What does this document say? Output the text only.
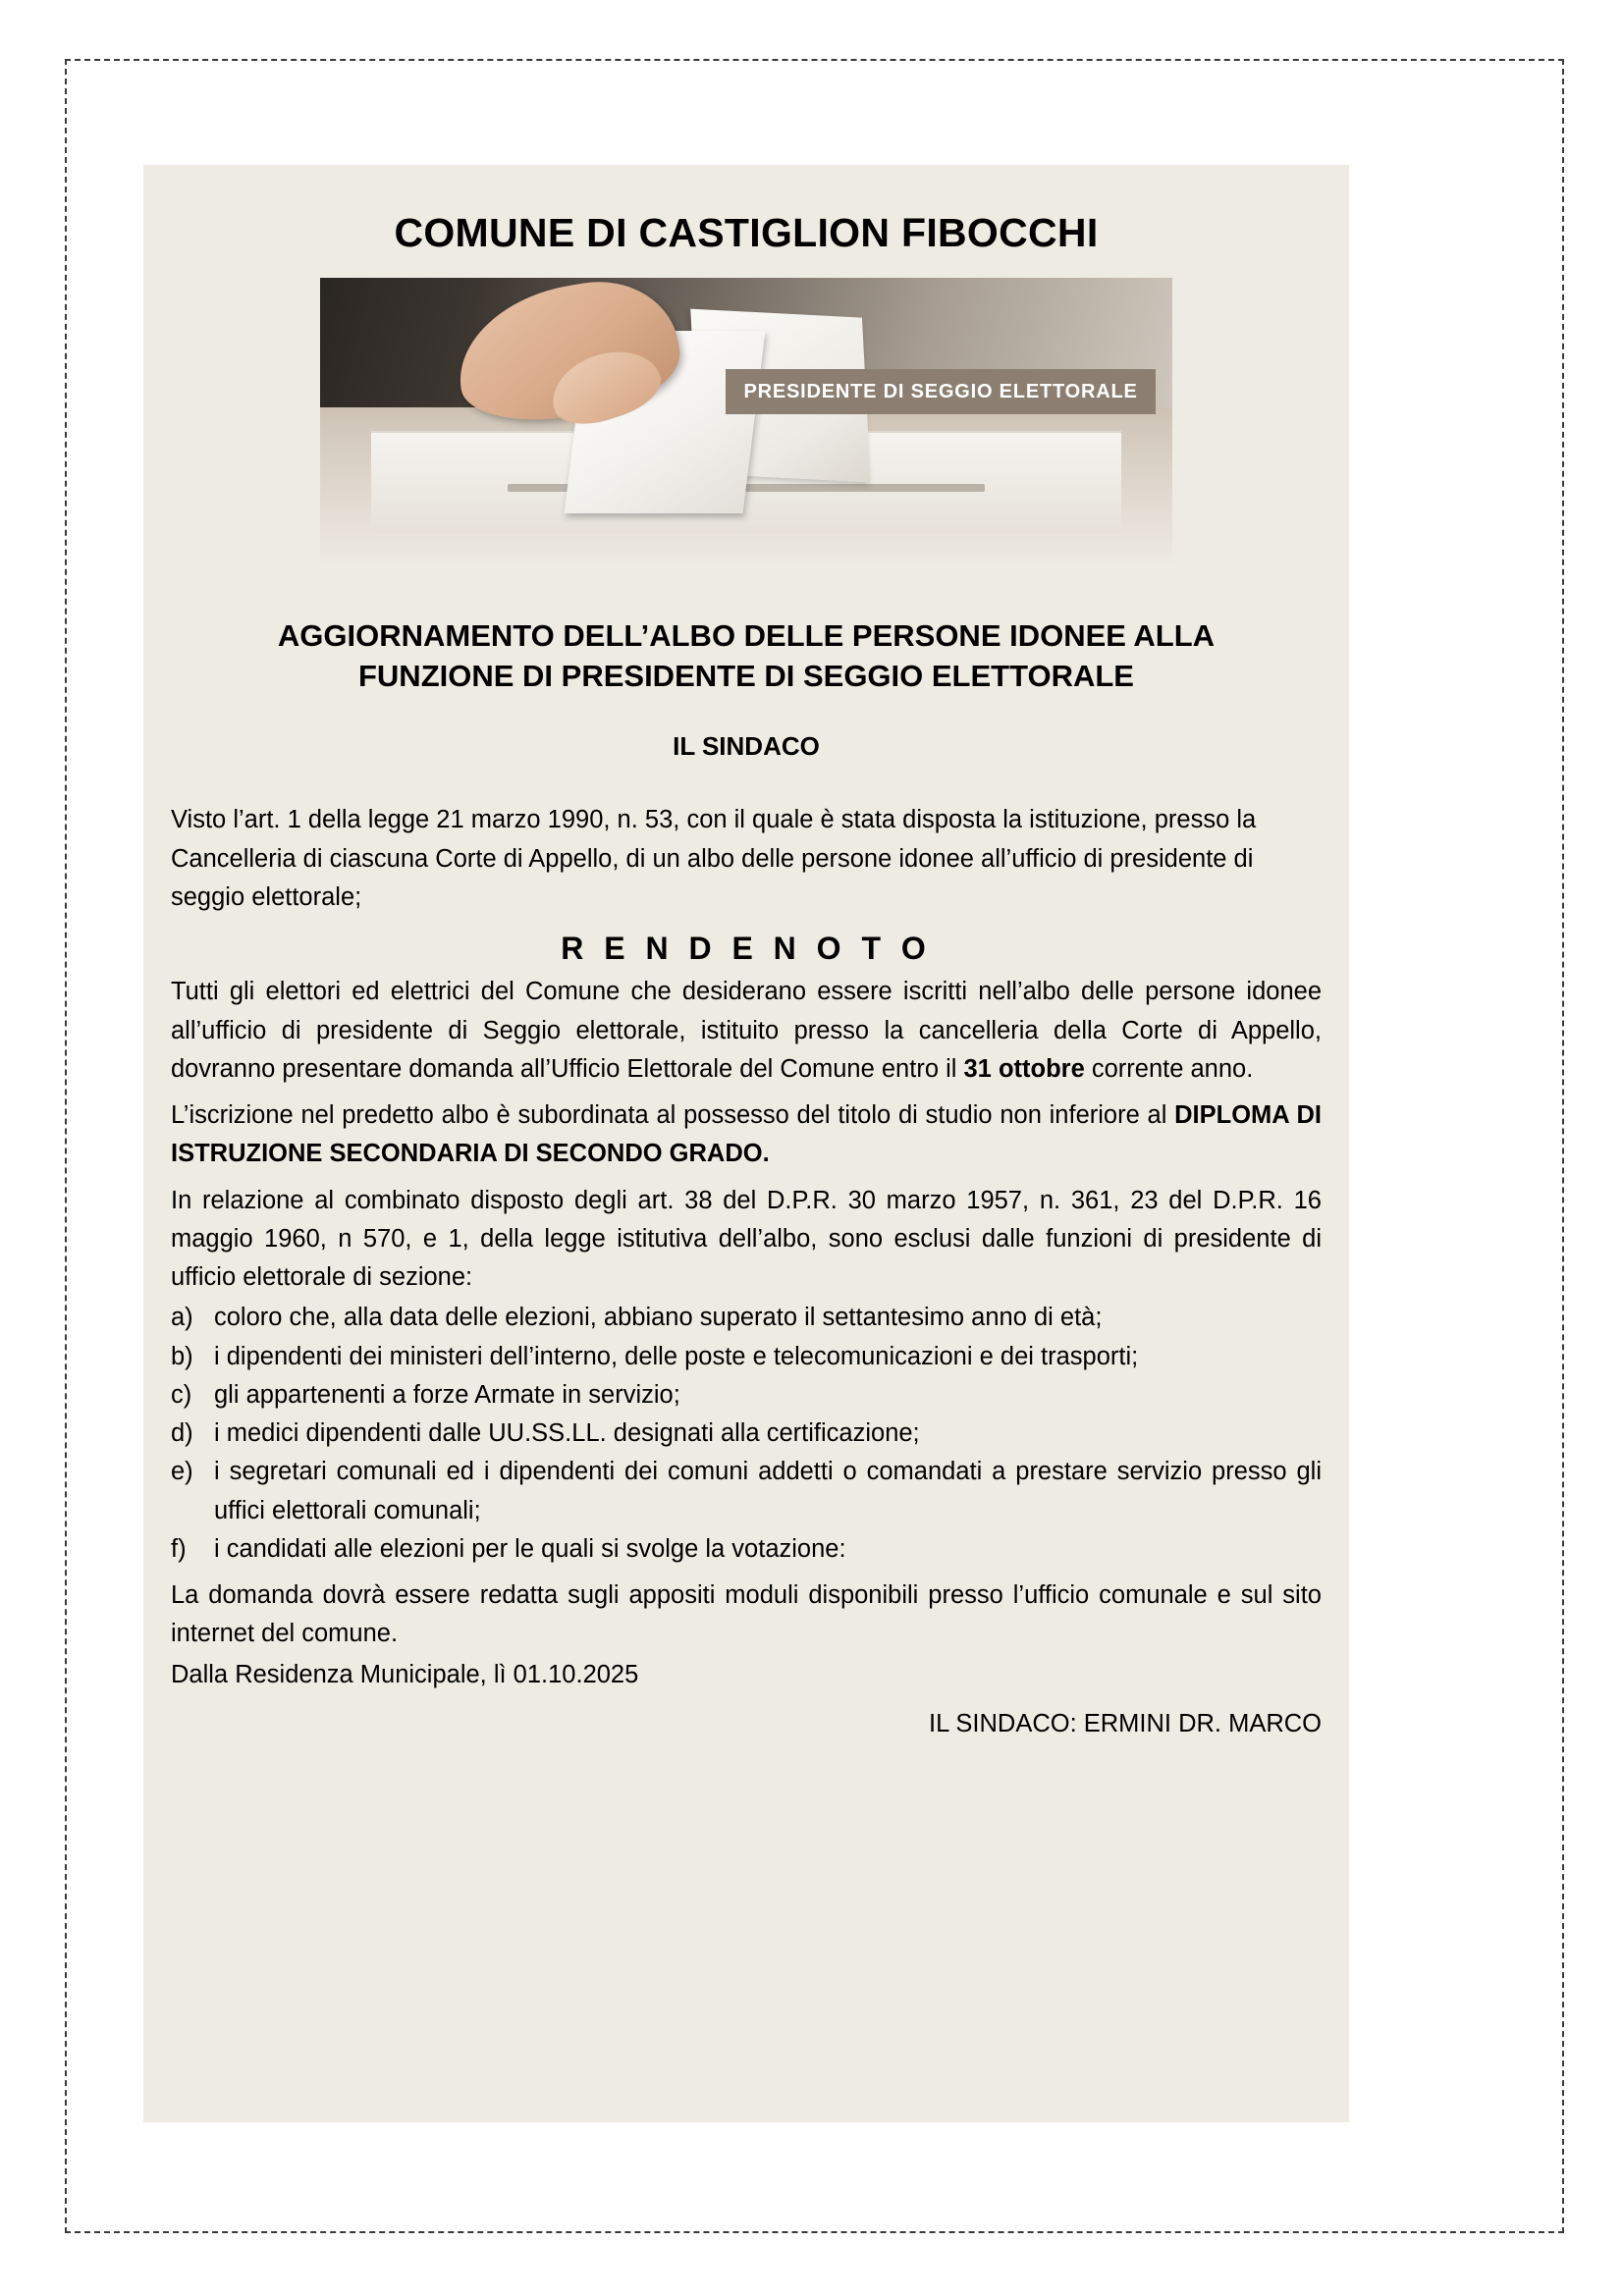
COMUNE DI CASTIGLION FIBOCCHI
PRESIDENTE DI SEGGIO ELETTORALE
AGGIORNAMENTO DELL’ALBO DELLE PERSONE IDONEE ALLA FUNZIONE DI PRESIDENTE DI SEGGIO ELETTORALE
IL SINDACO

Visto l’art. 1 della legge 21 marzo 1990, n. 53, con il quale è stata disposta la istituzione, presso la Cancelleria di ciascuna Corte di Appello, di un albo delle persone idonee all’ufficio di presidente di seggio elettorale;

R E N D E N O T O

Tutti gli elettori ed elettrici del Comune che desiderano essere iscritti nell’albo delle persone idonee all’ufficio di presidente di Seggio elettorale, istituito presso la cancelleria della Corte di Appello, dovranno presentare domanda all’Ufficio Elettorale del Comune entro il 31 ottobre corrente anno.

L’iscrizione nel predetto albo è subordinata al possesso del titolo di studio non inferiore al DIPLOMA DI ISTRUZIONE SECONDARIA DI SECONDO GRADO.

In relazione al combinato disposto degli art. 38 del D.P.R. 30 marzo 1957, n. 361, 23 del D.P.R. 16 maggio 1960, n 570, e 1, della legge istitutiva dell’albo, sono esclusi dalle funzioni di presidente di ufficio elettorale di sezione:

a) coloro che, alla data delle elezioni, abbiano superato il settantesimo anno di età;
b) i dipendenti dei ministeri dell’interno, delle poste e telecomunicazioni e dei trasporti;
c) gli appartenenti a forze Armate in servizio;
d) i medici dipendenti dalle UU.SS.LL. designati alla certificazione;
e) i segretari comunali ed i dipendenti dei comuni addetti o comandati a prestare servizio presso gli uffici elettorali comunali;
f)	i candidati alle elezioni per le quali si svolge la votazione:

La domanda dovrà essere redatta sugli appositi moduli disponibili presso l’ufficio comunale e sul sito internet del comune.

Dalla Residenza Municipale, lì 01.10.2025

IL SINDACO: ERMINI DR. MARCO
